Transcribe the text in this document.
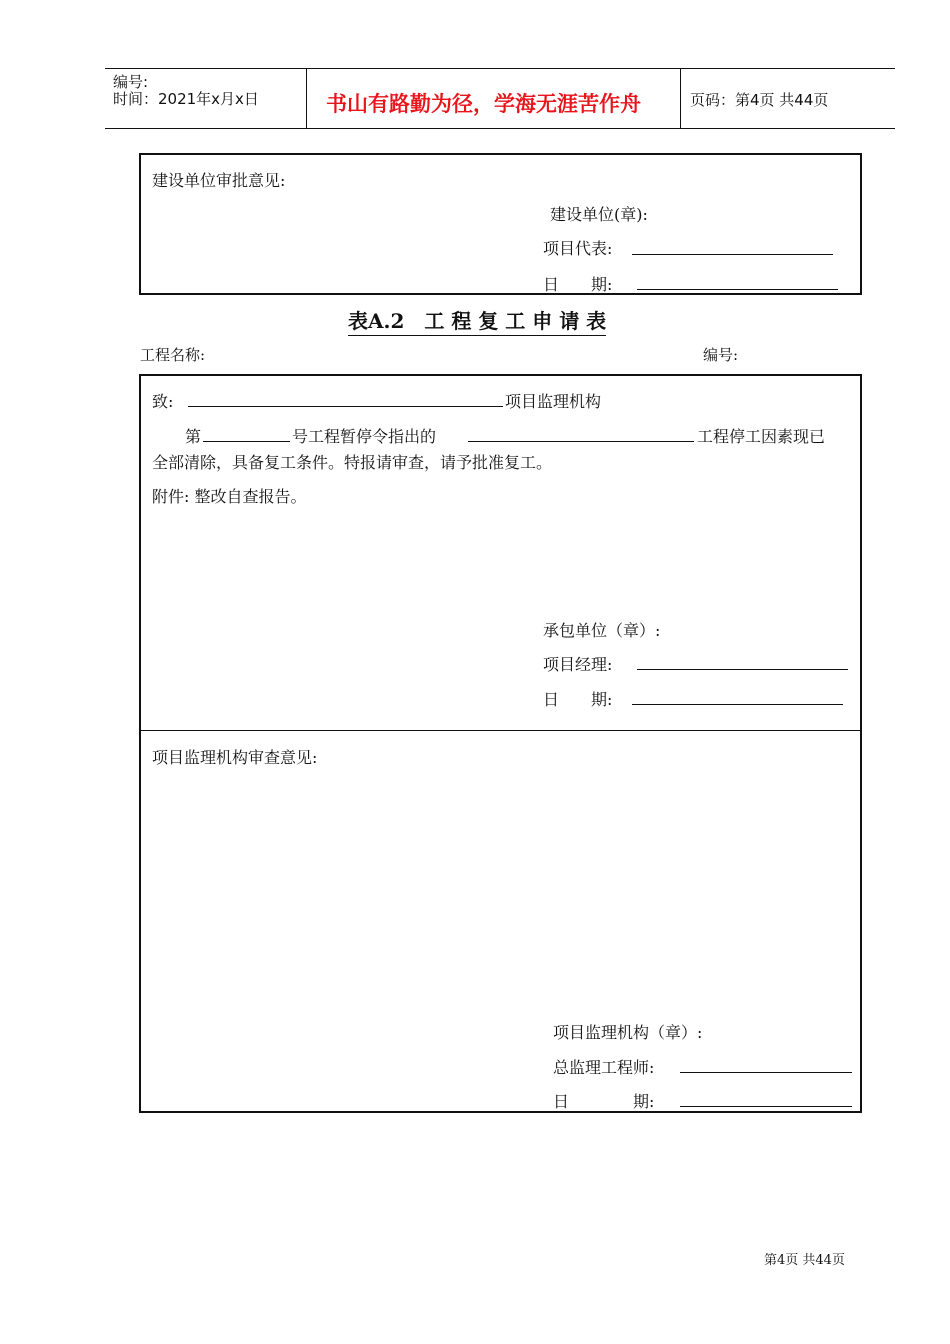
编号:
时间：2021年x月x日	书山有路勤为径，学海无涯苦作舟	页码：第4页 共44页
建设单位审批意见:
建设单位(章):
项目代表:
日　　期:
表A.2　工 程 复 工 申 请 表
工程名称:	编号:
致:	项目监理机构
第	号工程暂停令指出的	工程停工因素现已
全部清除，具备复工条件。特报请审查，请予批准复工。
附件: 整改自查报告。
承包单位（章）:
项目经理:
日　　期:
项目监理机构审查意见:
项目监理机构（章）:
总监理工程师:
日　　　　期:
第4页 共44页
